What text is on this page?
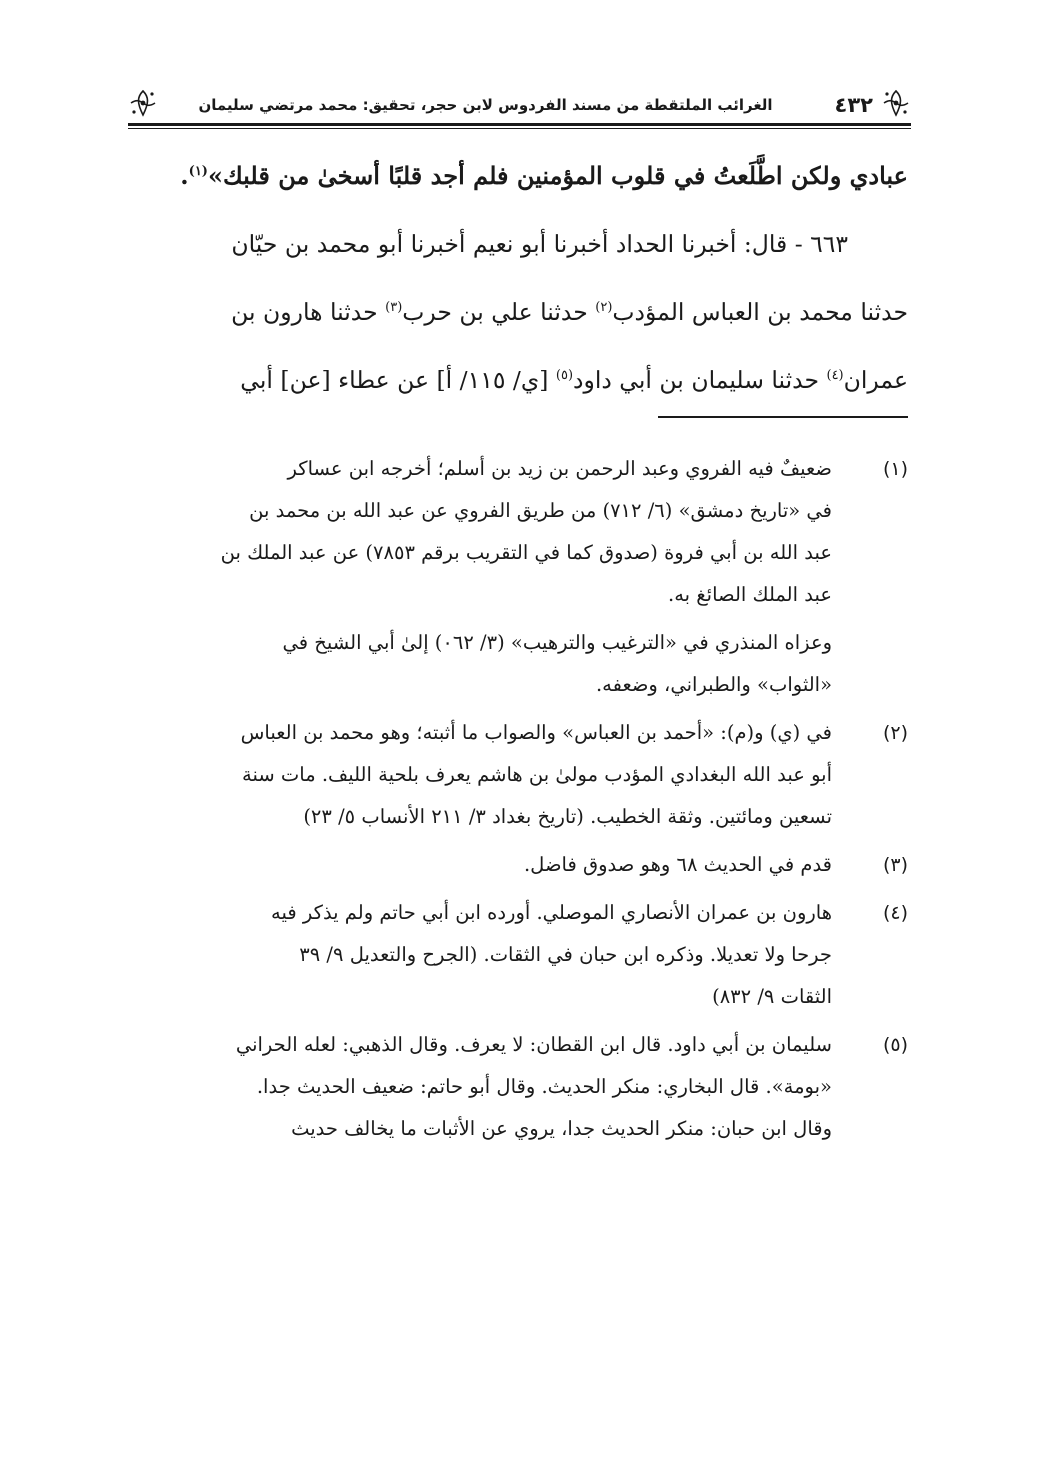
٤٣٢
الغرائب الملتقطة من مسند الفردوس لابن حجر، تحقيق: محمد مرتضي سليمان
عبادي ولكن اطَّلَعتُ في قلوب المؤمنين فلم أجد قلبًا أسخىٰ من قلبك»$^{(١)}$.
٦٦٣ - قال: أخبرنا الحداد أخبرنا أبو نعيم أخبرنا أبو محمد بن حيّان
حدثنا محمد بن العباس المؤدب$^{(٢)}$ حدثنا علي بن حرب$^{(٣)}$ حدثنا هارون بن
عمران$^{(٤)}$ حدثنا سليمان بن أبي داود$^{(٥)}$ [ي/ ١١٥/ أ] عن عطاء [عن] أبي
(١)
ضعيفٌ فيه الفروي وعبد الرحمن بن زيد بن أسلم؛ أخرجه ابن عساكر
في «تاريخ دمشق» (٦/ ٧١٢) من طريق الفروي عن عبد الله بن محمد بن
عبد الله بن أبي فروة (صدوق كما في التقريب برقم ٧٨٥٣) عن عبد الملك بن
عبد الملك الصائغ به.
وعزاه المنذري في «الترغيب والترهيب» (٣/ ٠٦٢) إلىٰ أبي الشيخ في
«الثواب» والطبراني، وضعفه.
(٢)
في (ي) و(م): «أحمد بن العباس» والصواب ما أثبته؛ وهو محمد بن العباس
أبو عبد الله البغدادي المؤدب مولىٰ بن هاشم يعرف بلحية الليف. مات سنة
تسعين ومائتين. وثقة الخطيب. (تاريخ بغداد ٣/ ٢١١ الأنساب ٥/ ٢٣)
(٣)
قدم في الحديث ٦٨ وهو صدوق فاضل.
(٤)
هارون بن عمران الأنصاري الموصلي. أورده ابن أبي حاتم ولم يذكر فيه
جرحا ولا تعديلا. وذكره ابن حبان في الثقات. (الجرح والتعديل ٩/ ٣٩
الثقات ٩/ ٨٣٢)
(٥)
سليمان بن أبي داود. قال ابن القطان: لا يعرف. وقال الذهبي: لعله الحراني
«بومة». قال البخاري: منكر الحديث. وقال أبو حاتم: ضعيف الحديث جدا.
وقال ابن حبان: منكر الحديث جدا، يروي عن الأثبات ما يخالف حديث
